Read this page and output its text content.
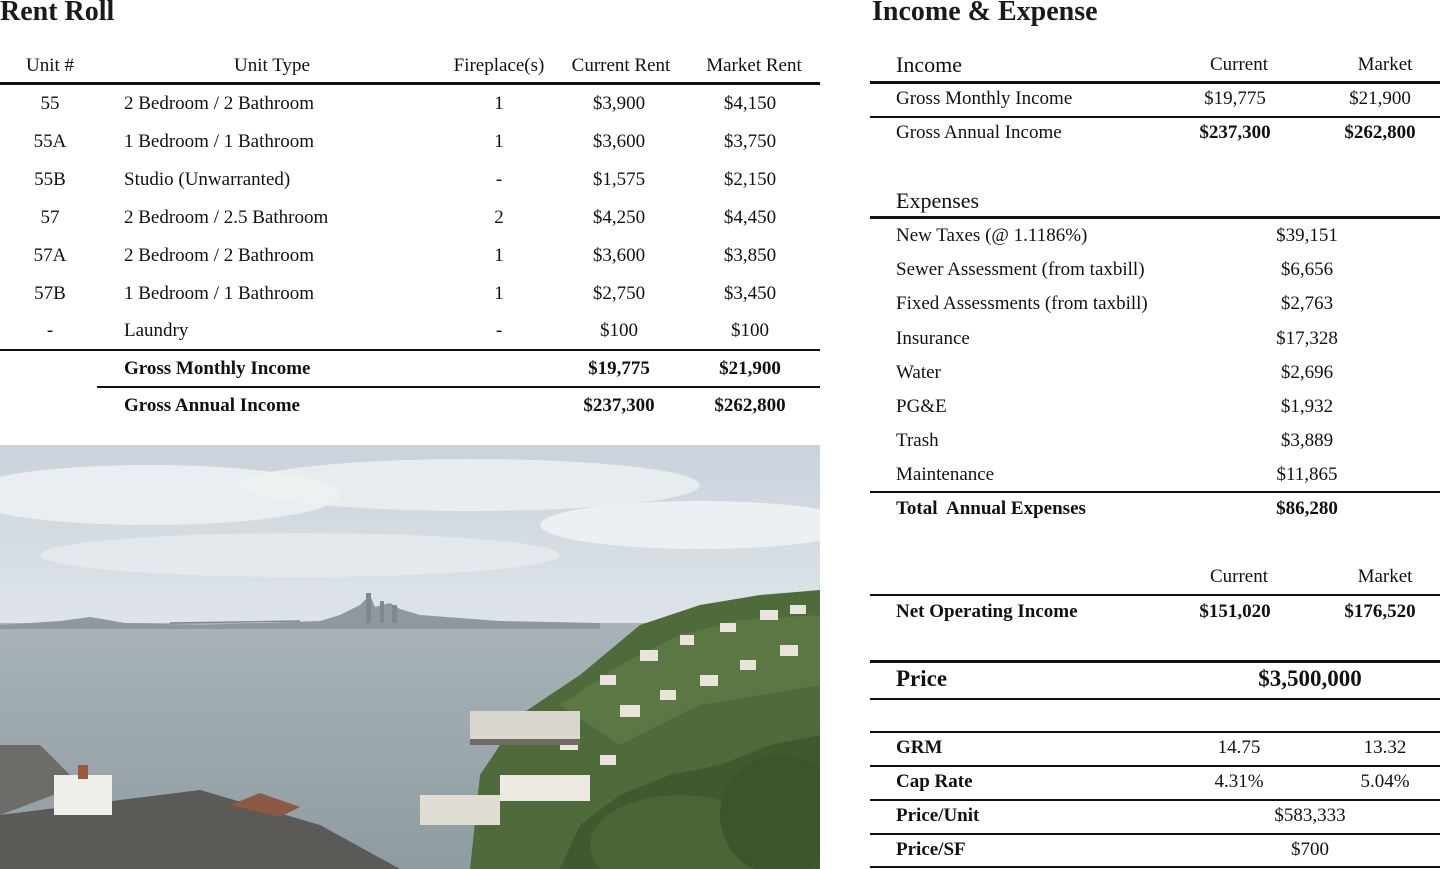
Rent Roll
Unit #	Unit Type	Fireplace(s)	Current Rent	Market Rent
55	2 Bedroom / 2 Bathroom	1	$3,900	$4,150
55A	1 Bedroom / 1 Bathroom	1	$3,600	$3,750
55B	Studio (Unwarranted)	-	$1,575	$2,150
57	2 Bedroom / 2.5 Bathroom	2	$4,250	$4,450
57A	2 Bedroom / 2 Bathroom	1	$3,600	$3,850
57B	1 Bedroom / 1 Bathroom	1	$2,750	$3,450
-	Laundry	-	$100	$100
Gross Monthly Income	$19,775	$21,900
Gross Annual Income	$237,300	$262,800
Income & Expense
Income	Current	Market
Gross Monthly Income	$19,775	$21,900
Gross Annual Income	$237,300	$262,800
Expenses
New Taxes (@ 1.1186%)	$39,151
Sewer Assessment (from taxbill)	$6,656
Fixed Assessments (from taxbill)	$2,763
Insurance	$17,328
Water	$2,696
PG&E	$1,932
Trash	$3,889
Maintenance	$11,865
Total  Annual Expenses	$86,280
Current	Market
Net Operating Income	$151,020	$176,520
Price	$3,500,000
GRM	14.75	13.32
Cap Rate	4.31%	5.04%
Price/Unit	$583,333
Price/SF	$700
